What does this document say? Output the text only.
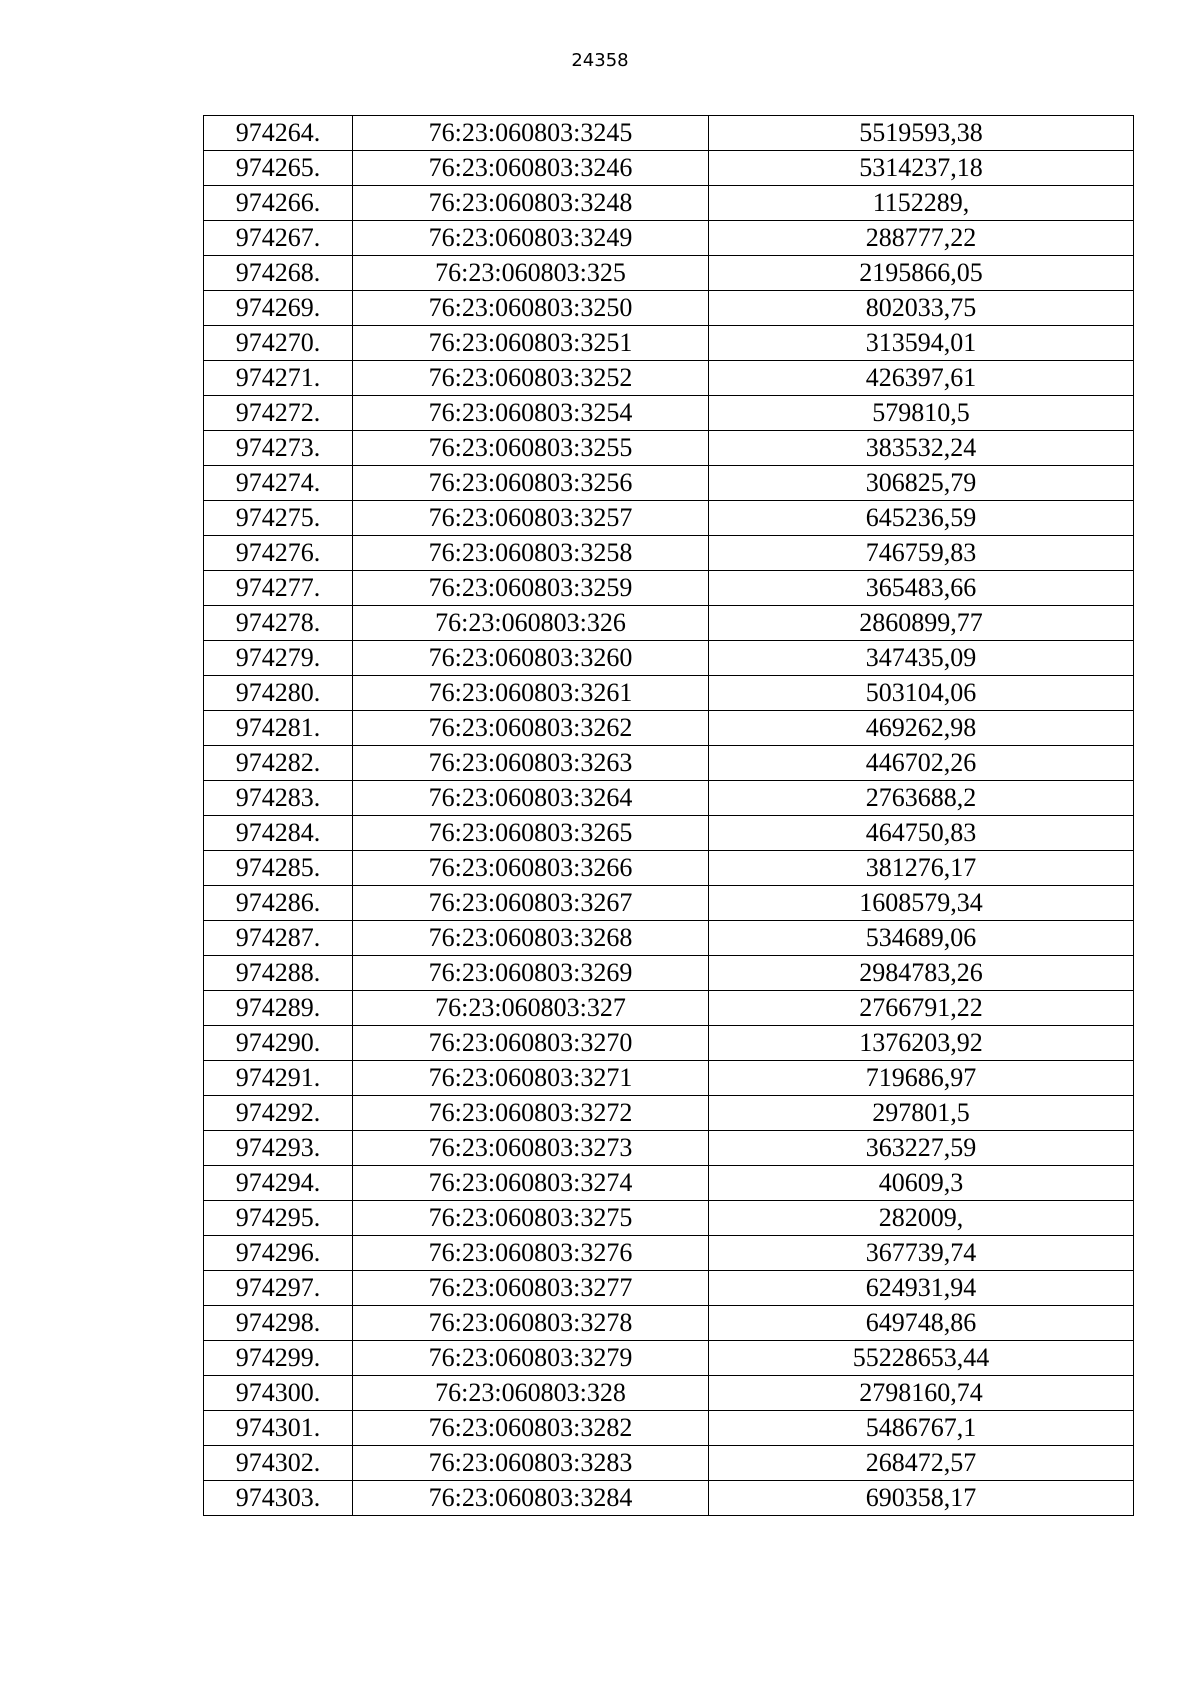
24358
974264.	76:23:060803:3245	5519593,38
974265.	76:23:060803:3246	5314237,18
974266.	76:23:060803:3248	1152289,
974267.	76:23:060803:3249	288777,22
974268.	76:23:060803:325	2195866,05
974269.	76:23:060803:3250	802033,75
974270.	76:23:060803:3251	313594,01
974271.	76:23:060803:3252	426397,61
974272.	76:23:060803:3254	579810,5
974273.	76:23:060803:3255	383532,24
974274.	76:23:060803:3256	306825,79
974275.	76:23:060803:3257	645236,59
974276.	76:23:060803:3258	746759,83
974277.	76:23:060803:3259	365483,66
974278.	76:23:060803:326	2860899,77
974279.	76:23:060803:3260	347435,09
974280.	76:23:060803:3261	503104,06
974281.	76:23:060803:3262	469262,98
974282.	76:23:060803:3263	446702,26
974283.	76:23:060803:3264	2763688,2
974284.	76:23:060803:3265	464750,83
974285.	76:23:060803:3266	381276,17
974286.	76:23:060803:3267	1608579,34
974287.	76:23:060803:3268	534689,06
974288.	76:23:060803:3269	2984783,26
974289.	76:23:060803:327	2766791,22
974290.	76:23:060803:3270	1376203,92
974291.	76:23:060803:3271	719686,97
974292.	76:23:060803:3272	297801,5
974293.	76:23:060803:3273	363227,59
974294.	76:23:060803:3274	40609,3
974295.	76:23:060803:3275	282009,
974296.	76:23:060803:3276	367739,74
974297.	76:23:060803:3277	624931,94
974298.	76:23:060803:3278	649748,86
974299.	76:23:060803:3279	55228653,44
974300.	76:23:060803:328	2798160,74
974301.	76:23:060803:3282	5486767,1
974302.	76:23:060803:3283	268472,57
974303.	76:23:060803:3284	690358,17
